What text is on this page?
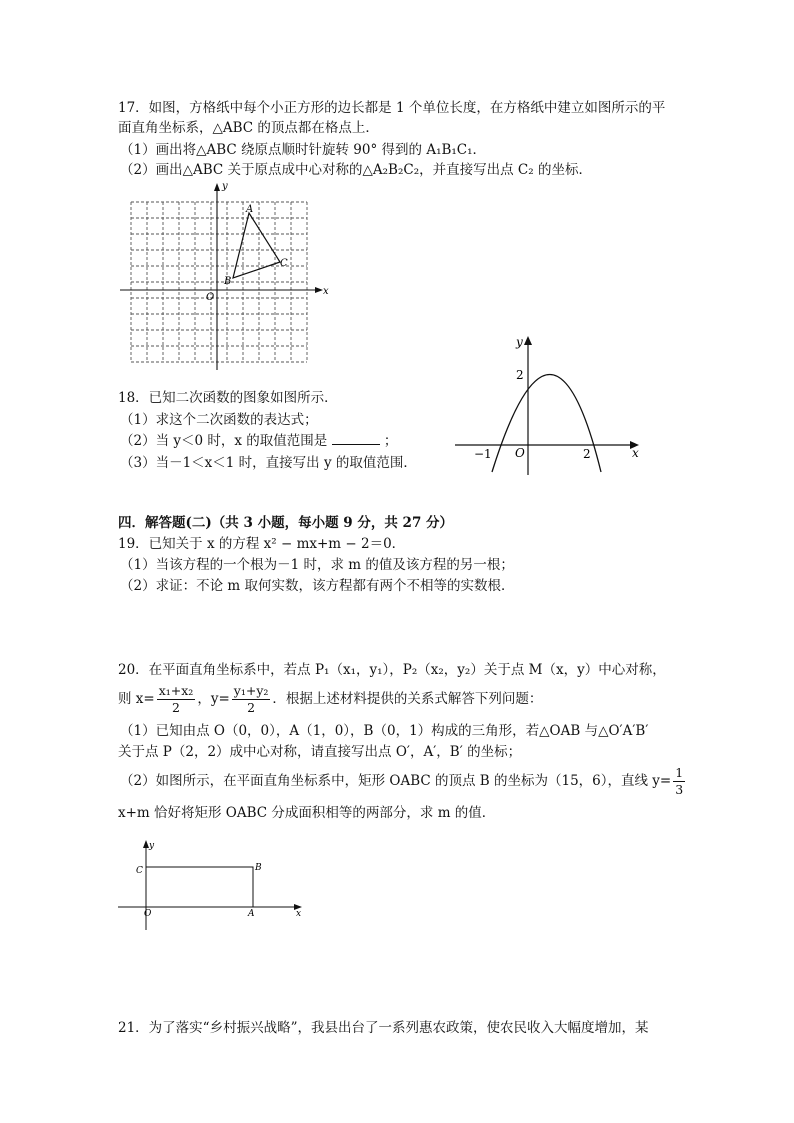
17．如图，方格纸中每个小正方形的边长都是 1 个单位长度，在方格纸中建立如图所示的平
面直角坐标系，△ABC 的顶点都在格点上．
（1）画出将△ABC 绕原点顺时针旋转 90° 得到的 A₁B₁C₁．
（2）画出△ABC 关于原点成中心对称的△A₂B₂C₂，并直接写出点 C₂ 的坐标．
x
y
O
A
B
C
18．已知二次函数的图象如图所示．
（1）求这个二次函数的表达式；
（2）当 y＜0 时，x 的取值范围是	；
（3）当－1＜x＜1 时，直接写出 y 的取值范围．
x
y
O
2
−1	2
四．解答题(二)（共 3 小题，每小题 9 分，共 27 分）
19．已知关于 x 的方程 x² − mx+m − 2＝0．
（1）当该方程的一个根为－1 时，求 m 的值及该方程的另一根；
（2）求证：不论 m 取何实数，该方程都有两个不相等的实数根．
20．在平面直角坐标系中，若点 P₁（x₁，y₁），P₂（x₂，y₂）关于点 M（x，y）中心对称，
则 $x= \frac{\text{x₁+x₂}}{2}$ ，$y= \frac{\text{y₁+y₂}}{2}$ ．根据上述材料提供的关系式解答下列问题：
（1）已知由点 O（0，0），A（1，0），B（0，1）构成的三角形，若△OAB 与△O′A′B′
关于点 P（2，2）成中心对称，请直接写出点 O′，A′，B′ 的坐标；
（2）如图所示，在平面直角坐标系中，矩形 OABC 的顶点 B 的坐标为（15，6），直线 $y= \frac{1}{3}$
x+m 恰好将矩形 OABC 分成面积相等的两部分，求 m 的值．
x
y
O	A
B
C
21．为了落实“乡村振兴战略”，我县出台了一系列惠农政策，使农民收入大幅度增加，某
